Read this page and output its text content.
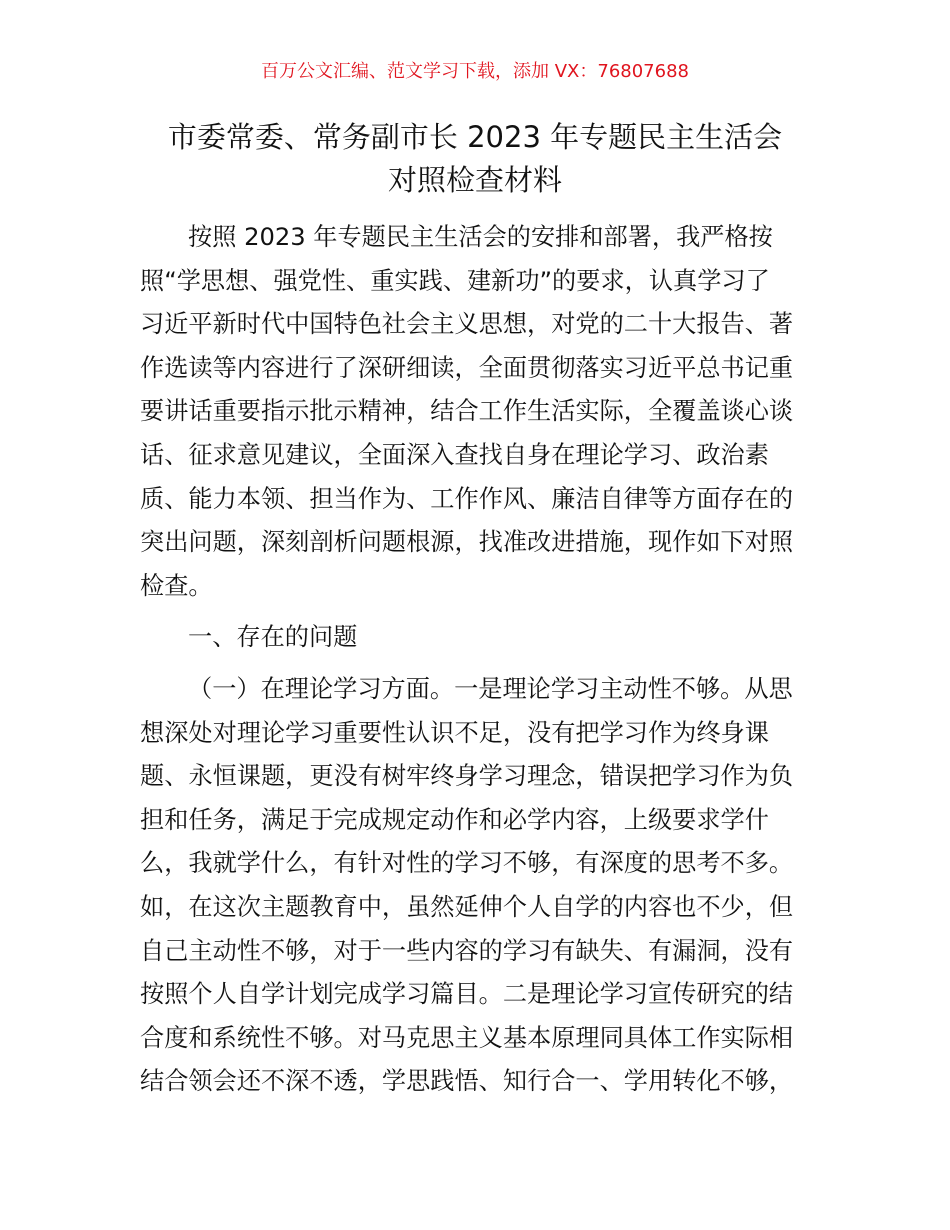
百万公文汇编、范文学习下载，添加 VX：76807688
市委常委、常务副市长 2023 年专题民主生活会
对照检查材料
按照 2023 年专题民主生活会的安排和部署，我严格按
照“学思想、强党性、重实践、建新功”的要求，认真学习了
习近平新时代中国特色社会主义思想，对党的二十大报告、著
作选读等内容进行了深研细读，全面贯彻落实习近平总书记重
要讲话重要指示批示精神，结合工作生活实际，全覆盖谈心谈
话、征求意见建议，全面深入查找自身在理论学习、政治素
质、能力本领、担当作为、工作作风、廉洁自律等方面存在的
突出问题，深刻剖析问题根源，找准改进措施，现作如下对照
检查。
一、存在的问题
（一）在理论学习方面。一是理论学习主动性不够。从思
想深处对理论学习重要性认识不足，没有把学习作为终身课
题、永恒课题，更没有树牢终身学习理念，错误把学习作为负
担和任务，满足于完成规定动作和必学内容，上级要求学什
么，我就学什么，有针对性的学习不够，有深度的思考不多。
如，在这次主题教育中，虽然延伸个人自学的内容也不少，但
自己主动性不够，对于一些内容的学习有缺失、有漏洞，没有
按照个人自学计划完成学习篇目。二是理论学习宣传研究的结
合度和系统性不够。对马克思主义基本原理同具体工作实际相
结合领会还不深不透，学思践悟、知行合一、学用转化不够，
